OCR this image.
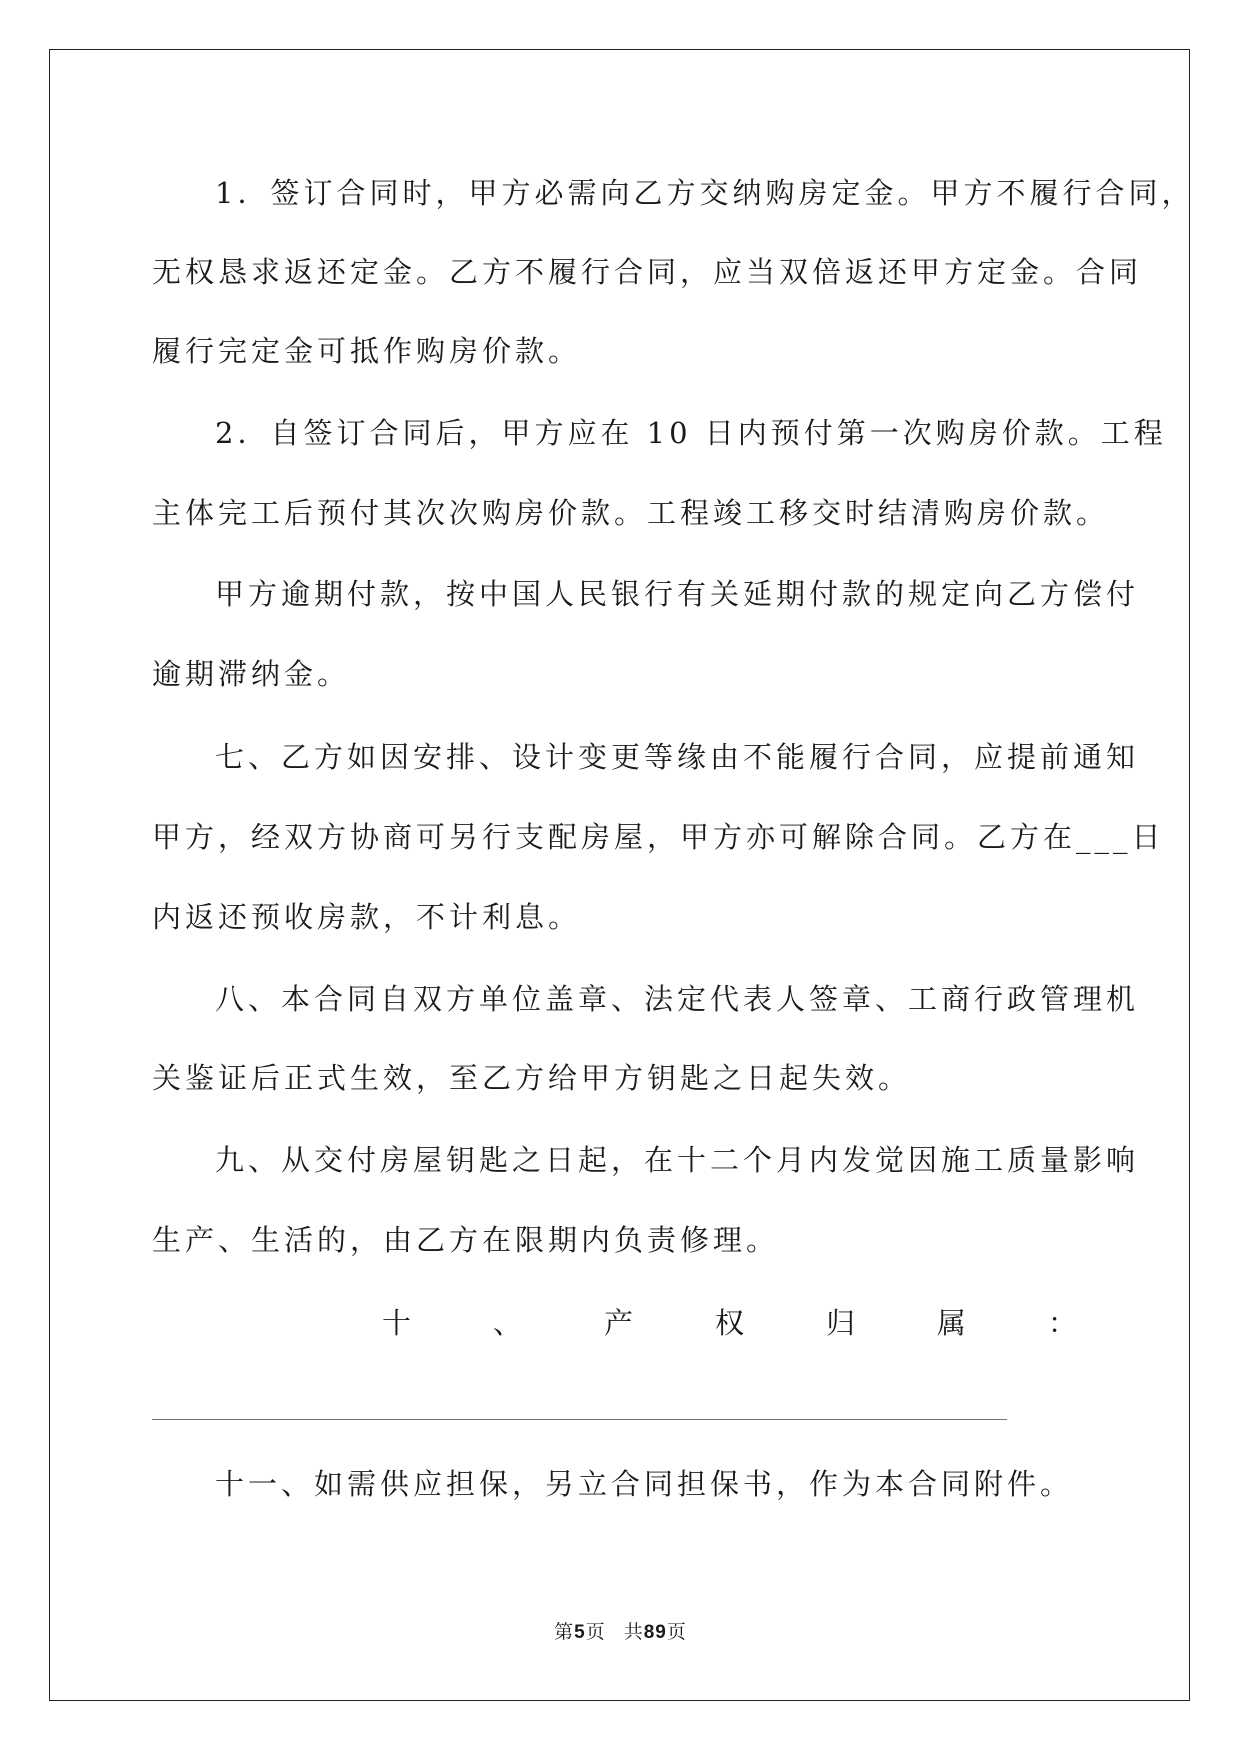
1．签订合同时，甲方必需向乙方交纳购房定金。甲方不履行合同，
无权恳求返还定金。乙方不履行合同，应当双倍返还甲方定金。合同
履行完定金可抵作购房价款。
2．自签订合同后，甲方应在 10 日内预付第一次购房价款。工程
主体完工后预付其次次购房价款。工程竣工移交时结清购房价款。
甲方逾期付款，按中国人民银行有关延期付款的规定向乙方偿付
逾期滞纳金。
七、乙方如因安排、设计变更等缘由不能履行合同，应提前通知
甲方，经双方协商可另行支配房屋，甲方亦可解除合同。乙方在___日
内返还预收房款，不计利息。
八、本合同自双方单位盖章、法定代表人签章、工商行政管理机
关鉴证后正式生效，至乙方给甲方钥匙之日起失效。
九、从交付房屋钥匙之日起，在十二个月内发觉因施工质量影响
生产、生活的，由乙方在限期内负责修理。
十	、	产	权	归	属	：
十一、如需供应担保，另立合同担保书，作为本合同附件。
第5页 共89页
